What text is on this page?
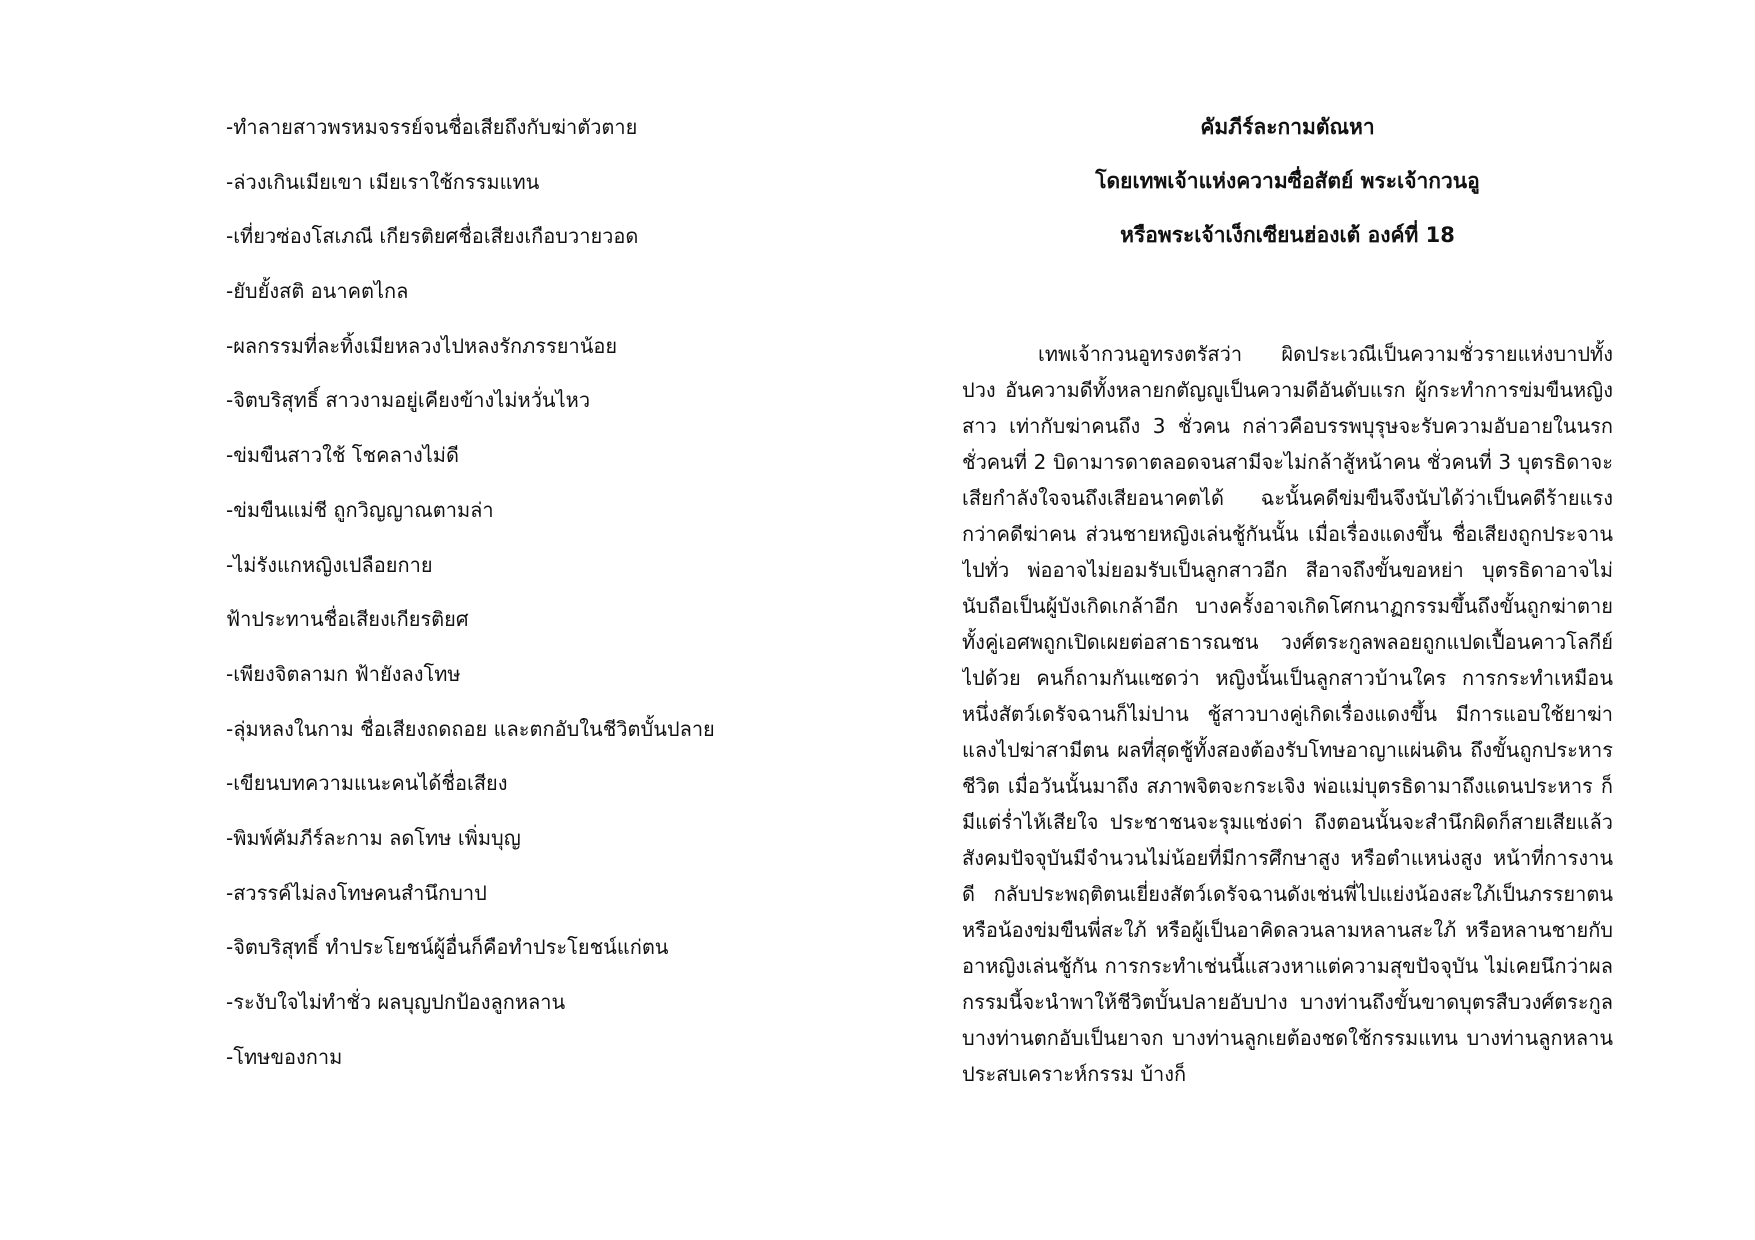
-ทำลายสาวพรหมจรรย์จนชื่อเสียถึงกับฆ่าตัวตาย
-ล่วงเกินเมียเขา เมียเราใช้กรรมแทน
-เที่ยวซ่องโสเภณี เกียรติยศชื่อเสียงเกือบวายวอด
-ยับยั้งสติ อนาคตไกล
-ผลกรรมที่ละทิ้งเมียหลวงไปหลงรักภรรยาน้อย
-จิตบริสุทธิ์ สาวงามอยู่เคียงข้างไม่หวั่นไหว
-ข่มขืนสาวใช้ โชคลางไม่ดี
-ข่มขืนแม่ชี ถูกวิญญาณตามล่า
-ไม่รังแกหญิงเปลือยกาย
ฟ้าประทานชื่อเสียงเกียรติยศ
-เพียงจิตลามก ฟ้ายังลงโทษ
-ลุ่มหลงในกาม ชื่อเสียงถดถอย และตกอับในชีวิตบั้นปลาย
-เขียนบทความแนะคนได้ชื่อเสียง
-พิมพ์คัมภีร์ละกาม ลดโทษ เพิ่มบุญ
-สวรรค์ไม่ลงโทษคนสำนึกบาป
-จิตบริสุทธิ์ ทำประโยชน์ผู้อื่นก็คือทำประโยชน์แก่ตน
-ระงับใจไม่ทำชั่ว ผลบุญปกป้องลูกหลาน
-โทษของกาม
คัมภีร์ละกามตัณหา
โดยเทพเจ้าแห่งความซื่อสัตย์ พระเจ้ากวนอู
หรือพระเจ้าเง็กเซียนฮ่องเต้ องค์ที่ 18

เทพเจ้ากวนอูทรงตรัสว่า ผิดประเวณีเป็นความชั่วรายแห่งบาปทั้งปวง อันความดีทั้งหลายกตัญญูเป็นความดีอันดับแรก ผู้กระทำการข่มขืนหญิงสาว เท่ากับฆ่าคนถึง 3 ชั่วคน กล่าวคือบรรพบุรุษจะรับความอับอายในนรก ชั่วคนที่ 2 บิดามารดาตลอดจนสามีจะไม่กล้าสู้หน้าคน ชั่วคนที่ 3 บุตรธิดาจะเสียกำลังใจจนถึงเสียอนาคตได้ ฉะนั้นคดีข่มขืนจึงนับได้ว่าเป็นคดีร้ายแรงกว่าคดีฆ่าคน ส่วนชายหญิงเล่นชู้กันนั้น เมื่อเรื่องแดงขึ้น ชื่อเสียงถูกประจานไปทั่ว พ่ออาจไม่ยอมรับเป็นลูกสาวอีก สีอาจถึงขั้นขอหย่า บุตรธิดาอาจไม่นับถือเป็นผู้บังเกิดเกล้าอีก บางครั้งอาจเกิดโศกนาฏกรรมขึ้นถึงขั้นถูกฆ่าตายทั้งคู่เอศพถูกเปิดเผยต่อสาธารณชน วงศ์ตระกูลพลอยถูกแปดเปื้อนคาวโลกีย์ไปด้วย คนก็ถามกันแซดว่า หญิงนั้นเป็นลูกสาวบ้านใคร การกระทำเหมือนหนึ่งสัตว์เดรัจฉานก็ไม่ปาน ชู้สาวบางคู่เกิดเรื่องแดงขึ้น มีการแอบใช้ยาฆ่าแลงไปฆ่าสามีตน ผลที่สุดชู้ทั้งสองต้องรับโทษอาญาแผ่นดิน ถึงขั้นถูกประหารชีวิต เมื่อวันนั้นมาถึง สภาพจิตจะกระเจิง พ่อแม่บุตรธิดามาถึงแดนประหาร ก็มีแต่ร่ำไห้เสียใจ ประชาชนจะรุมแช่งด่า ถึงตอนนั้นจะสำนึกผิดก็สายเสียแล้ว สังคมปัจจุบันมีจำนวนไม่น้อยที่มีการศึกษาสูง หรือตำแหน่งสูง หน้าที่การงานดี กลับประพฤติตนเยี่ยงสัตว์เดรัจฉานดังเช่นพี่ไปแย่งน้องสะใภ้เป็นภรรยาตน หรือน้องข่มขืนพี่สะใภ้ หรือผู้เป็นอาคิดลวนลามหลานสะใภ้ หรือหลานชายกับอาหญิงเล่นชู้กัน การกระทำเช่นนี้แสวงหาแต่ความสุขปัจจุบัน ไม่เคยนึกว่าผลกรรมนี้จะนำพาให้ชีวิตบั้นปลายอับปาง บางท่านถึงขั้นขาดบุตรสืบวงศ์ตระกูล บางท่านตกอับเป็นยาจก บางท่านลูกเยต้องชดใช้กรรมแทน บางท่านลูกหลานประสบเคราะห์กรรม บ้างก็
